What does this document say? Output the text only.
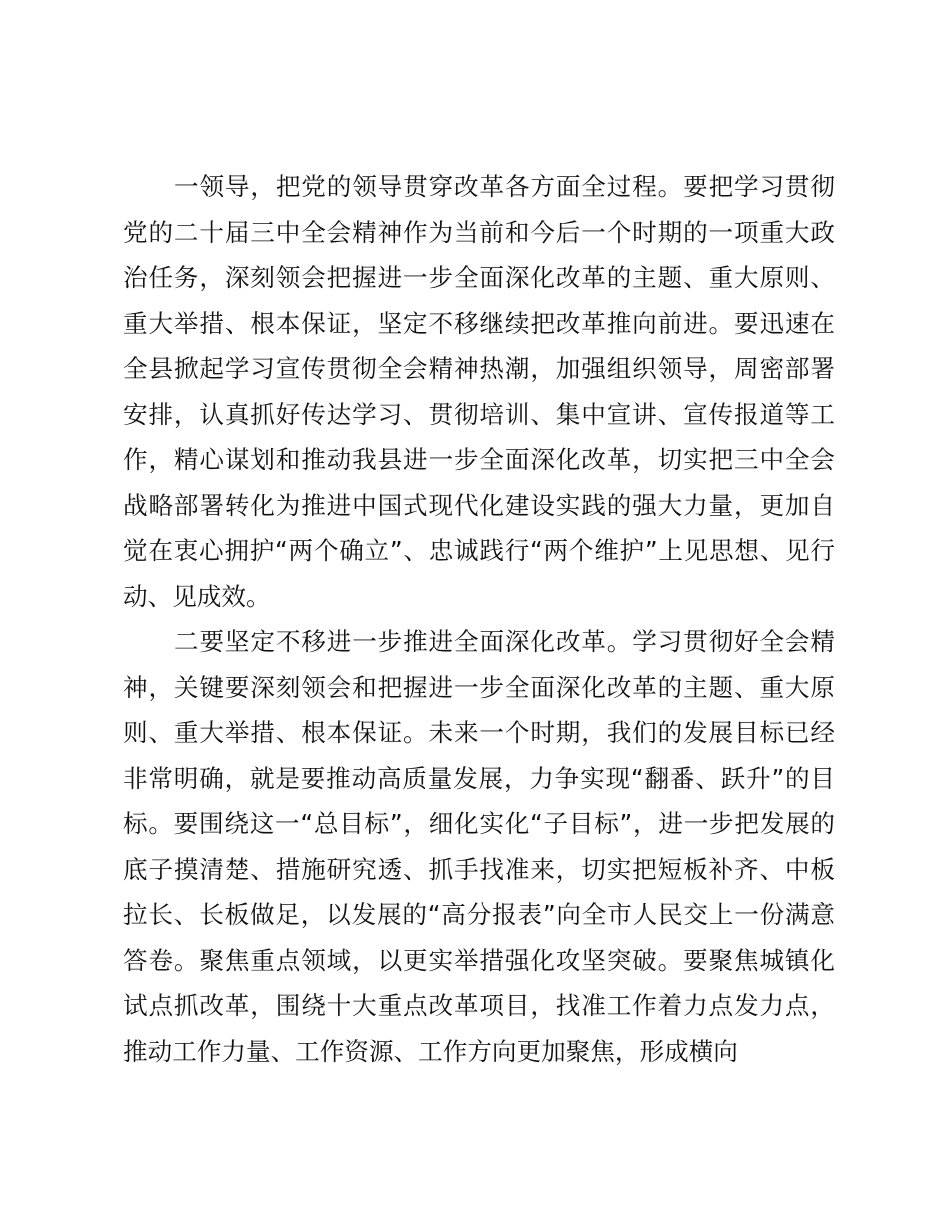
一领导，把党的领导贯穿改革各方面全过程。要把学习贯彻
党的二十届三中全会精神作为当前和今后一个时期的一项重大政
治任务，深刻领会把握进一步全面深化改革的主题、重大原则、
重大举措、根本保证，坚定不移继续把改革推向前进。要迅速在
全县掀起学习宣传贯彻全会精神热潮，加强组织领导，周密部署
安排，认真抓好传达学习、贯彻培训、集中宣讲、宣传报道等工
作，精心谋划和推动我县进一步全面深化改革，切实把三中全会
战略部署转化为推进中国式现代化建设实践的强大力量，更加自
觉在衷心拥护“两个确立”、忠诚践行“两个维护”上见思想、见行
动、见成效。
二要坚定不移进一步推进全面深化改革。学习贯彻好全会精
神，关键要深刻领会和把握进一步全面深化改革的主题、重大原
则、重大举措、根本保证。未来一个时期，我们的发展目标已经
非常明确，就是要推动高质量发展，力争实现“翻番、跃升”的目
标。要围绕这一“总目标”，细化实化“子目标”，进一步把发展的
底子摸清楚、措施研究透、抓手找准来，切实把短板补齐、中板
拉长、长板做足，以发展的“高分报表”向全市人民交上一份满意
答卷。聚焦重点领域，以更实举措强化攻坚突破。要聚焦城镇化
试点抓改革，围绕十大重点改革项目，找准工作着力点发力点，
推动工作力量、工作资源、工作方向更加聚焦，形成横向
